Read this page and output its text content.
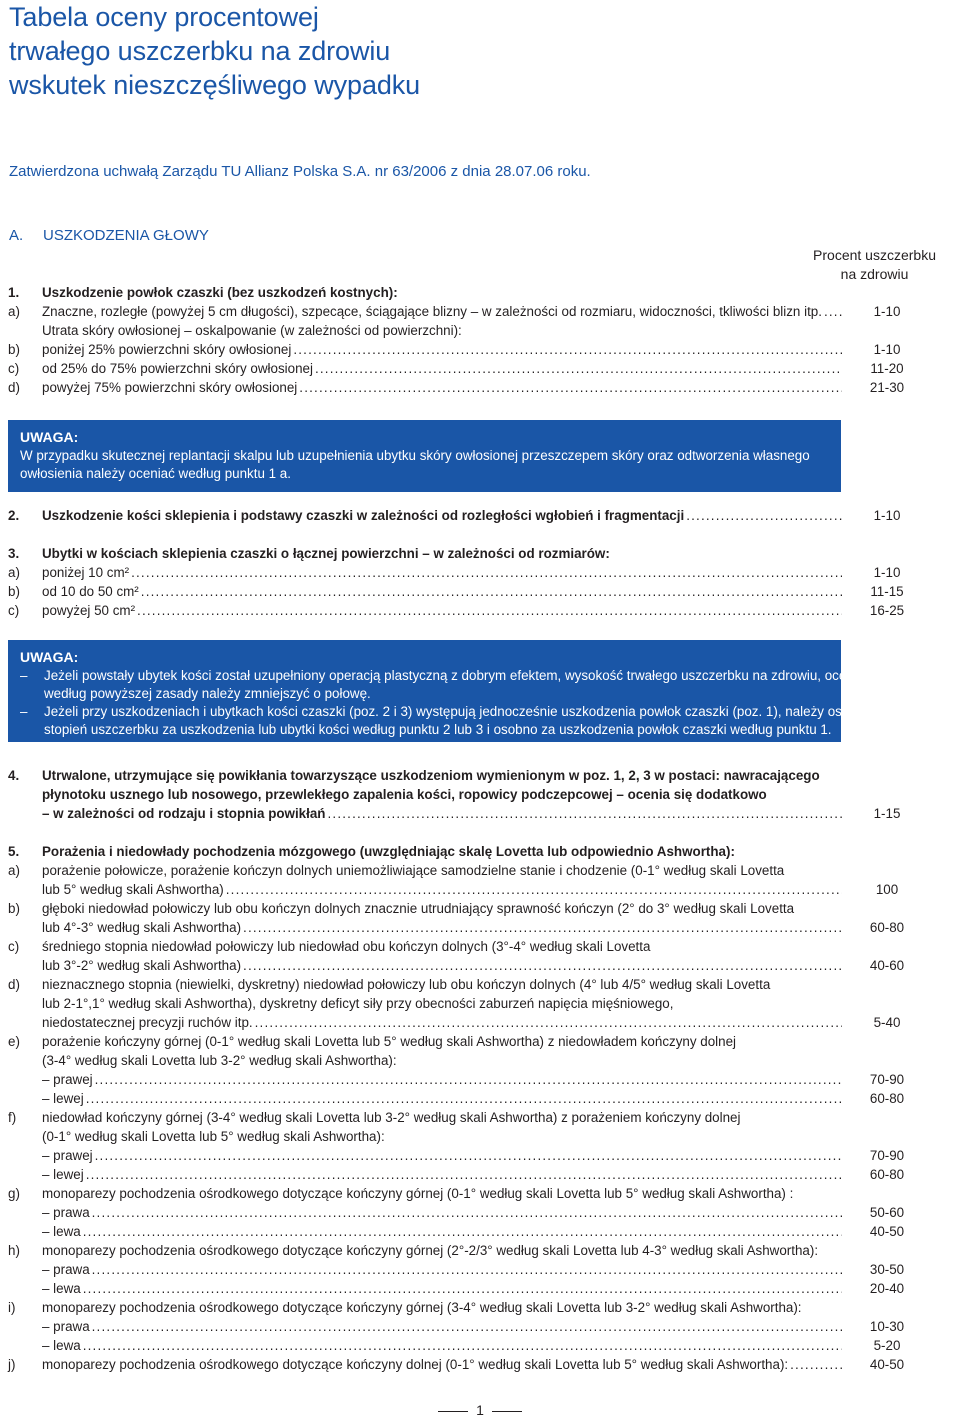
Tabela oceny procentowej
trwałego uszczerbku na zdrowiu
wskutek nieszczęśliwego wypadku
Zatwierdzona uchwałą Zarządu TU Allianz Polska S.A. nr 63/2006 z dnia 28.07.06 roku.
A. USZKODZENIA GŁOWY
Procent uszczerbku
na zdrowiu
1. Uszkodzenie powłok czaszki (bez uszkodzeń kostnych):
a) Znaczne, rozległe (powyżej 5 cm długości), szpecące, ściągające blizny – w zależności od rozmiaru, widoczności, tkliwości blizn itp. .....	1-10
Utrata skóry owłosionej – oskalpowanie (w zależności od powierzchni):
b) poniżej 25% powierzchni skóry owłosionej .....	1-10
c) od 25% do 75% powierzchni skóry owłosionej .....	11-20
d) powyżej 75% powierzchni skóry owłosionej .....	21-30
2. Uszkodzenie kości sklepienia i podstawy czaszki w zależności od rozległości wgłobień i fragmentacji .....	1-10
3. Ubytki w kościach sklepienia czaszki o łącznej powierzchni – w zależności od rozmiarów:
a) poniżej 10 cm² .....	1-10
b) od 10 do 50 cm² .....	11-15
c) powyżej 50 cm² .....	16-25
4. Utrwalone, utrzymujące się powikłania towarzyszące uszkodzeniom wymienionym w poz. 1, 2, 3 w postaci: nawracającego
płynotoku usznego lub nosowego, przewlekłego zapalenia kości, ropowicy podczepcowej – ocenia się dodatkowo
– w zależności od rodzaju i stopnia powikłań .....	1-15
5. Porażenia i niedowłady pochodzenia mózgowego (uwzględniając skalę Lovetta lub odpowiednio Ashwortha):
a) porażenie połowicze, porażenie kończyn dolnych uniemożliwiające samodzielne stanie i chodzenie (0-1° według skali Lovetta
lub 5° według skali Ashwortha) .....	100
b) głęboki niedowład połowiczy lub obu kończyn dolnych znacznie utrudniający sprawność kończyn (2° do 3° według skali Lovetta
lub 4°-3° według skali Ashwortha) .....	60-80
c) średniego stopnia niedowład połowiczy lub niedowład obu kończyn dolnych (3°-4° według skali Lovetta
lub 3°-2° według skali Ashwortha) .....	40-60
d) nieznacznego stopnia (niewielki, dyskretny) niedowład połowiczy lub obu kończyn dolnych (4° lub 4/5° według skali Lovetta
lub 2-1°,1° według skali Ashwortha), dyskretny deficyt siły przy obecności zaburzeń napięcia mięśniowego,
niedostatecznej precyzji ruchów itp. .....	5-40
e) porażenie kończyny górnej (0-1° według skali Lovetta lub 5° według skali Ashwortha) z niedowładem kończyny dolnej
(3-4° według skali Lovetta lub 3-2° według skali Ashwortha):
– prawej .....	70-90
– lewej .....	60-80
f) niedowład kończyny górnej (3-4° według skali Lovetta lub 3-2° według skali Ashwortha) z porażeniem kończyny dolnej
(0-1° według skali Lovetta lub 5° według skali Ashwortha):
– prawej .....	70-90
– lewej .....	60-80
g) monoparezy pochodzenia ośrodkowego dotyczące kończyny górnej (0-1° według skali Lovetta lub 5° według skali Ashwortha) :
– prawa .....	50-60
– lewa .....	40-50
h) monoparezy pochodzenia ośrodkowego dotyczące kończyny górnej (2°-2/3° według skali Lovetta lub 4-3° według skali Ashwortha):
– prawa .....	30-50
– lewa .....	20-40
i) monoparezy pochodzenia ośrodkowego dotyczące kończyny górnej (3-4° według skali Lovetta lub 3-2° według skali Ashwortha):
– prawa .....	10-30
– lewa .....	5-20
j) monoparezy pochodzenia ośrodkowego dotyczące kończyny dolnej (0-1° według skali Lovetta lub 5° według skali Ashwortha): .....	40-50
UWAGA:
W przypadku skutecznej replantacji skalpu lub uzupełnienia ubytku skóry owłosionej przeszczepem skóry oraz odtworzenia własnego
owłosienia należy oceniać według punktu 1 a.
UWAGA:
– Jeżeli powstały ubytek kości został uzupełniony operacją plastyczną z dobrym efektem, wysokość trwałego uszczerbku na zdrowiu, ocenioną
według powyższej zasady należy zmniejszyć o połowę.
– Jeżeli przy uszkodzeniach i ubytkach kości czaszki (poz. 2 i 3) występują jednocześnie uszkodzenia powłok czaszki (poz. 1), należy osobno oceniać
stopień uszczerbku za uszkodzenia lub ubytki kości według punktu 2 lub 3 i osobno za uszkodzenia powłok czaszki według punktu 1.
1
